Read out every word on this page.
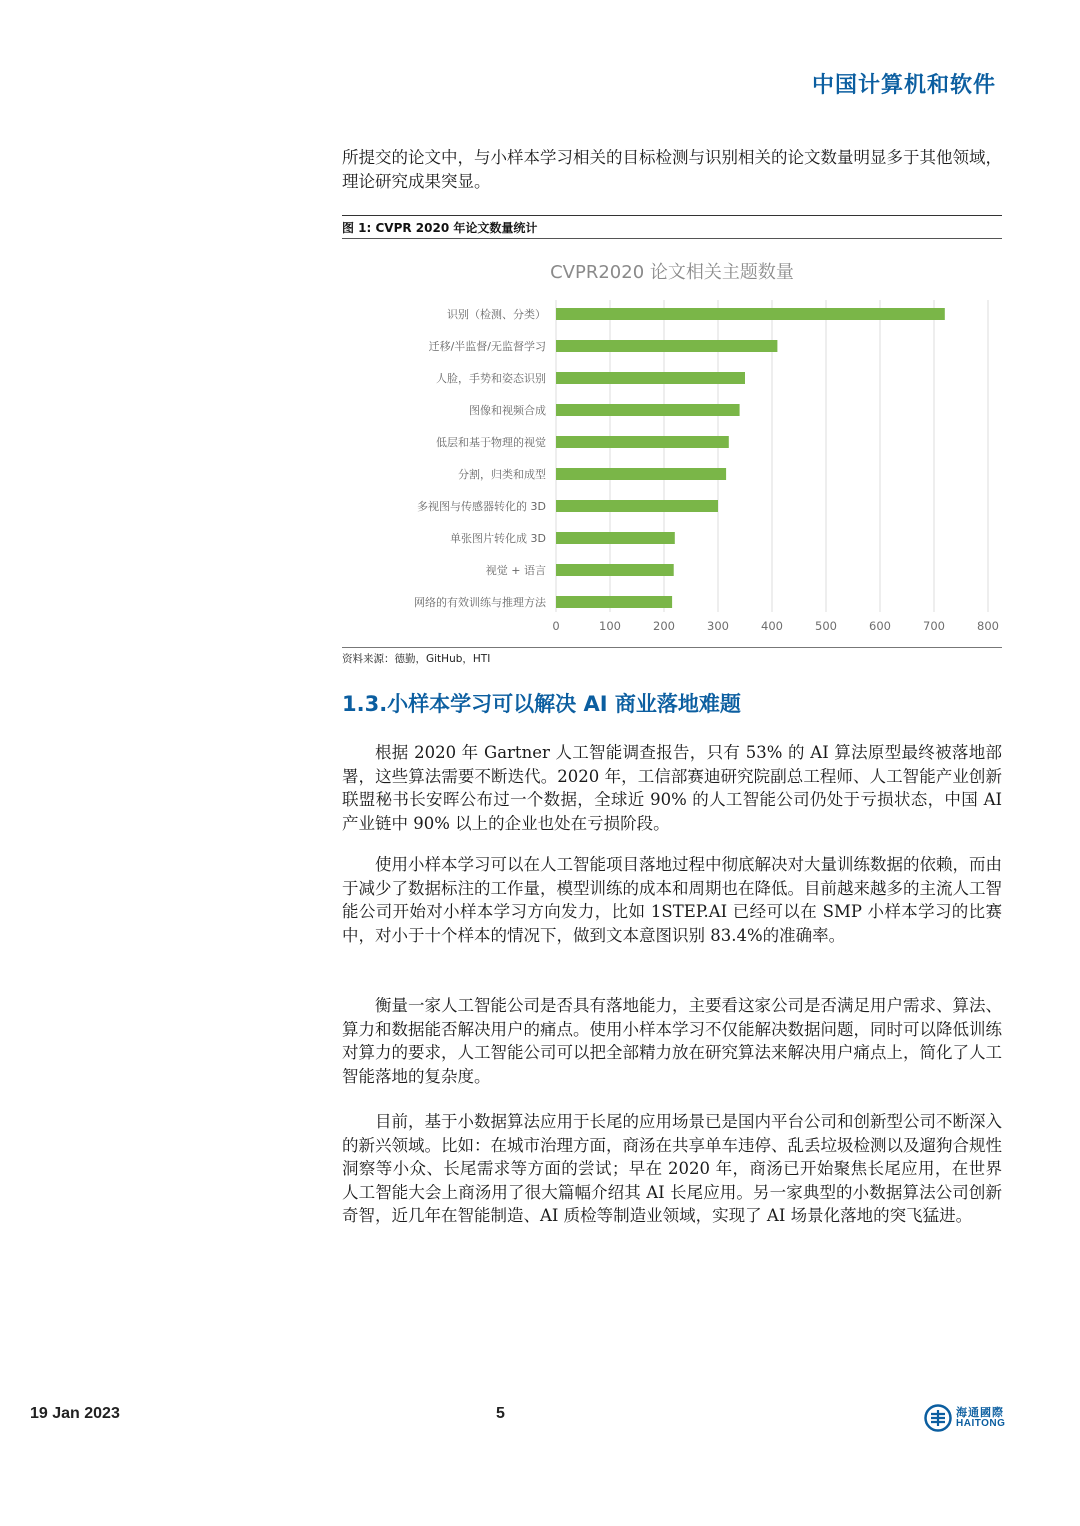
中国计算机和软件

所提交的论文中，与小样本学习相关的目标检测与识别相关的论文数量明显多于其他领域，理论研究成果突显。

图 1: CVPR 2020 年论文数量统计
CVPR2020 论文相关主题数量
0	100	200	300	400	500	600	700	800
识别（检测、分类）
迁移/半监督/无监督学习
人脸，手势和姿态识别
图像和视频合成
低层和基于物理的视觉
分割，归类和成型
多视图与传感器转化的 3D
单张图片转化成 3D
视觉 + 语言
网络的有效训练与推理方法
资料来源：德勤，GitHub，HTI
1.3.小样本学习可以解决 AI 商业落地难题

根据 2020 年 Gartner 人工智能调查报告，只有 53% 的 AI 算法原型最终被落地部署，这些算法需要不断迭代。2020 年，工信部赛迪研究院副总工程师、人工智能产业创新联盟秘书长安晖公布过一个数据，全球近 90% 的人工智能公司仍处于亏损状态，中国 AI 产业链中 90% 以上的企业也处在亏损阶段。

使用小样本学习可以在人工智能项目落地过程中彻底解决对大量训练数据的依赖，而由于减少了数据标注的工作量，模型训练的成本和周期也在降低。目前越来越多的主流人工智能公司开始对小样本学习方向发力，比如 1STEP.AI 已经可以在 SMP 小样本学习的比赛中，对小于十个样本的情况下，做到文本意图识别 83.4%的准确率。

衡量一家人工智能公司是否具有落地能力，主要看这家公司是否满足用户需求、算法、算力和数据能否解决用户的痛点。使用小样本学习不仅能解决数据问题，同时可以降低训练对算力的要求，人工智能公司可以把全部精力放在研究算法来解决用户痛点上，简化了人工智能落地的复杂度。

目前，基于小数据算法应用于长尾的应用场景已是国内平台公司和创新型公司不断深入的新兴领域。比如：在城市治理方面，商汤在共享单车违停、乱丢垃圾检测以及遛狗合规性洞察等小众、长尾需求等方面的尝试；早在 2020 年，商汤已开始聚焦长尾应用，在世界人工智能大会上商汤用了很大篇幅介绍其 AI 长尾应用。另一家典型的小数据算法公司创新奇智，近几年在智能制造、AI 质检等制造业领域，实现了 AI 场景化落地的突飞猛进。

19 Jan 2023	5	海通國際
HAITONG
